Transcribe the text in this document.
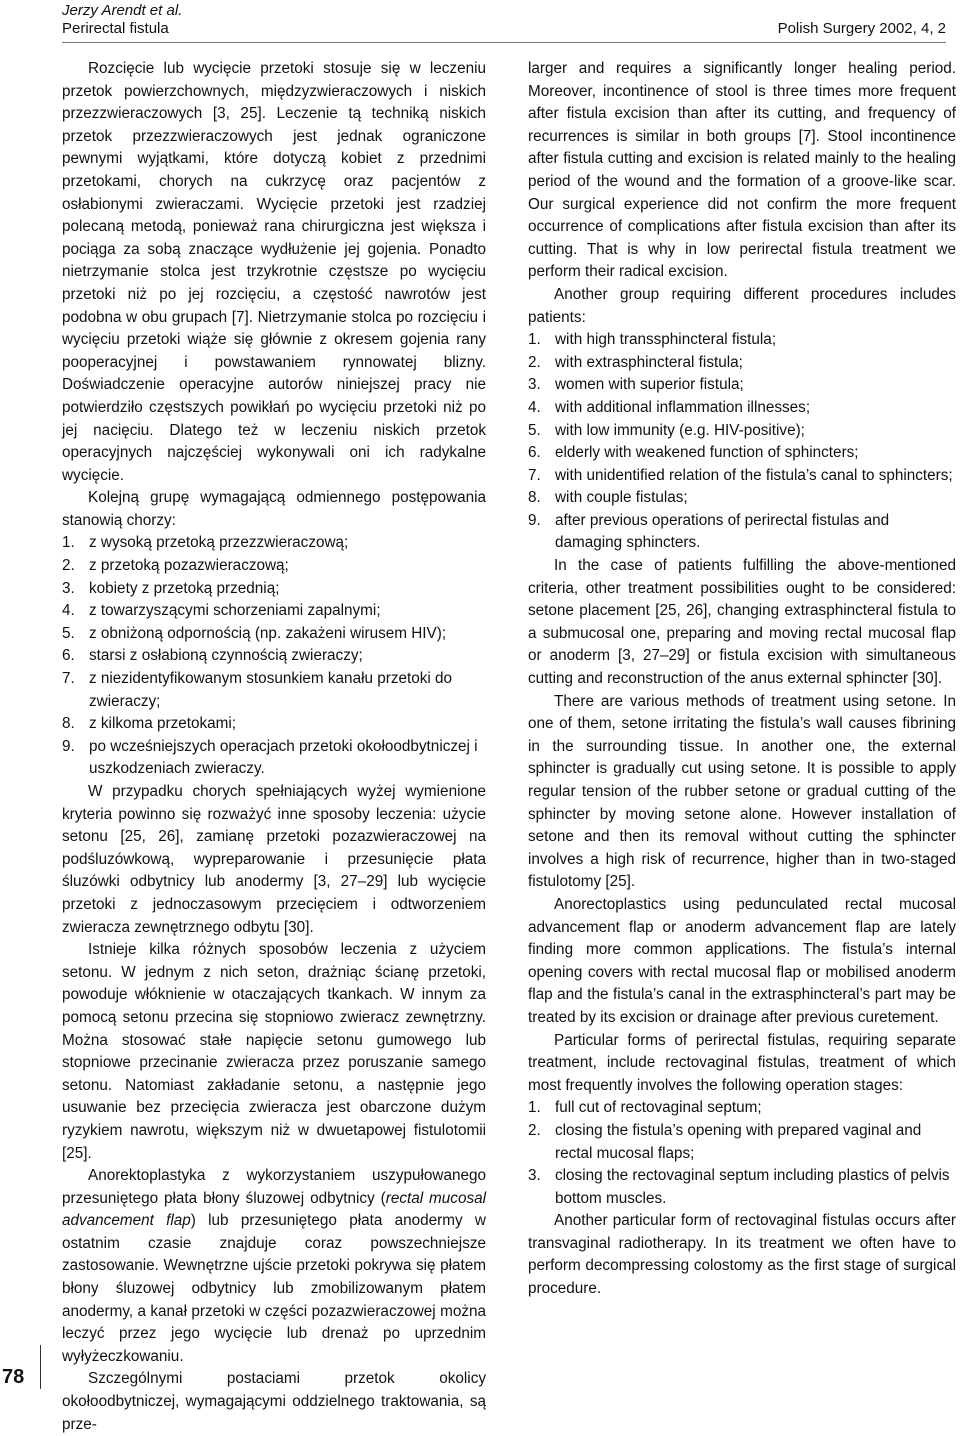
Jerzy Arendt et al.
Perirectal fistula	Polish Surgery 2002, 4, 2

Rozcięcie lub wycięcie przetoki stosuje się w leczeniu przetok powierzchownych, międzyzwieraczowych i niskich przezzwieraczowych [3, 25]. Leczenie tą techniką niskich przetok przezzwieraczowych jest jednak ograniczone pewnymi wyjątkami, które dotyczą kobiet z przednimi przetokami, chorych na cukrzycę oraz pacjentów z osłabionymi zwieraczami. Wycięcie przetoki jest rzadziej polecaną metodą, ponieważ rana chirurgiczna jest większa i pociąga za sobą znaczące wydłużenie jej gojenia. Ponadto nietrzymanie stolca jest trzykrotnie częstsze po wycięciu przetoki niż po jej rozcięciu, a częstość nawrotów jest podobna w obu grupach [7]. Nietrzymanie stolca po rozcięciu i wycięciu przetoki wiąże się głównie z okresem gojenia rany pooperacyjnej i powstawaniem rynnowatej blizny. Doświadczenie operacyjne autorów niniejszej pracy nie potwierdziło częstszych powikłań po wycięciu przetoki niż po jej nacięciu. Dlatego też w leczeniu niskich przetok operacyjnych najczęściej wykonywali oni ich radykalne wycięcie.

Kolejną grupę wymagającą odmiennego postępowania stanowią chorzy:

1. z wysoką przetoką przezzwieraczową;
2. z przetoką pozazwieraczową;
3. kobiety z przetoką przednią;
4. z towarzyszącymi schorzeniami zapalnymi;
5. z obniżoną odpornością (np. zakażeni wirusem HIV);
6. starsi z osłabioną czynnością zwieraczy;
7. z niezidentyfikowanym stosunkiem kanału przetoki do zwieraczy;
8. z kilkoma przetokami;
9. po wcześniejszych operacjach przetoki okołoodbytniczej i uszkodzeniach zwieraczy.

W przypadku chorych spełniających wyżej wymienione kryteria powinno się rozważyć inne sposoby leczenia: użycie setonu [25, 26], zamianę przetoki pozazwieraczowej na podśluzówkową, wypreparowanie i przesunięcie płata śluzówki odbytnicy lub anodermy [3, 27–29] lub wycięcie przetoki z jednoczasowym przecięciem i odtworzeniem zwieracza zewnętrznego odbytu [30].

Istnieje kilka różnych sposobów leczenia z użyciem setonu. W jednym z nich seton, drażniąc ścianę przetoki, powoduje włóknienie w otaczających tkankach. W innym za pomocą setonu przecina się stopniowo zwieracz zewnętrzny. Można stosować stałe napięcie setonu gumowego lub stopniowe przecinanie zwieracza przez poruszanie samego setonu. Natomiast zakładanie setonu, a następnie jego usuwanie bez przecięcia zwieracza jest obarczone dużym ryzykiem nawrotu, większym niż w dwuetapowej fistulotomii [25].

Anorektoplastyka z wykorzystaniem uszypułowanego przesuniętego płata błony śluzowej odbytnicy (rectal mucosal advancement flap) lub przesuniętego płata anodermy w ostatnim czasie znajduje coraz powszechniejsze zastosowanie. Wewnętrzne ujście przetoki pokrywa się płatem błony śluzowej odbytnicy lub zmobilizowanym płatem anodermy, a kanał przetoki w części pozazwieraczowej można leczyć przez jego wycięcie lub drenaż po uprzednim wyłyżeczkowaniu.

Szczególnymi postaciami przetok okolicy okołoodbytniczej, wymagającymi oddzielnego traktowania, są prze-

larger and requires a significantly longer healing period. Moreover, incontinence of stool is three times more frequent after fistula excision than after its cutting, and frequency of recurrences is similar in both groups [7]. Stool incontinence after fistula cutting and excision is related mainly to the healing period of the wound and the formation of a groove-like scar. Our surgical experience did not confirm the more frequent occurrence of complications after fistula excision than after its cutting. That is why in low perirectal fistula treatment we perform their radical excision.

Another group requiring different procedures includes patients:

1. with high transsphincteral fistula;
2. with extrasphincteral fistula;
3. women with superior fistula;
4. with additional inflammation illnesses;
5. with low immunity (e.g. HIV-positive);
6. elderly with weakened function of sphincters;
7. with unidentified relation of the fistula’s canal to sphincters;
8. with couple fistulas;
9. after previous operations of perirectal fistulas and damaging sphincters.

In the case of patients fulfilling the above-mentioned criteria, other treatment possibilities ought to be considered: setone placement [25, 26], changing extrasphincteral fistula to a submucosal one, preparing and moving rectal mucosal flap or anoderm [3, 27–29] or fistula excision with simultaneous cutting and reconstruction of the anus external sphincter [30].

There are various methods of treatment using setone. In one of them, setone irritating the fistula’s wall causes fibrining in the surrounding tissue. In another one, the external sphincter is gradually cut using setone. It is possible to apply regular tension of the rubber setone or gradual cutting of the sphincter by moving setone alone. However installation of setone and then its removal without cutting the sphincter involves a high risk of recurrence, higher than in two-staged fistulotomy [25].

Anorectoplastics using pedunculated rectal mucosal advancement flap or anoderm advancement flap are lately finding more common applications. The fistula’s internal opening covers with rectal mucosal flap or mobilised anoderm flap and the fistula’s canal in the extrasphincteral’s part may be treated by its excision or drainage after previous curetement.

Particular forms of perirectal fistulas, requiring separate treatment, include rectovaginal fistulas, treatment of which most frequently involves the following operation stages:

1. full cut of rectovaginal septum;
2. closing the fistula’s opening with prepared vaginal and rectal mucosal flaps;
3. closing the rectovaginal septum including plastics of pelvis bottom muscles.

Another particular form of rectovaginal fistulas occurs after transvaginal radiotherapy. In its treatment we often have to perform decompressing colostomy as the first stage of surgical procedure.

78
